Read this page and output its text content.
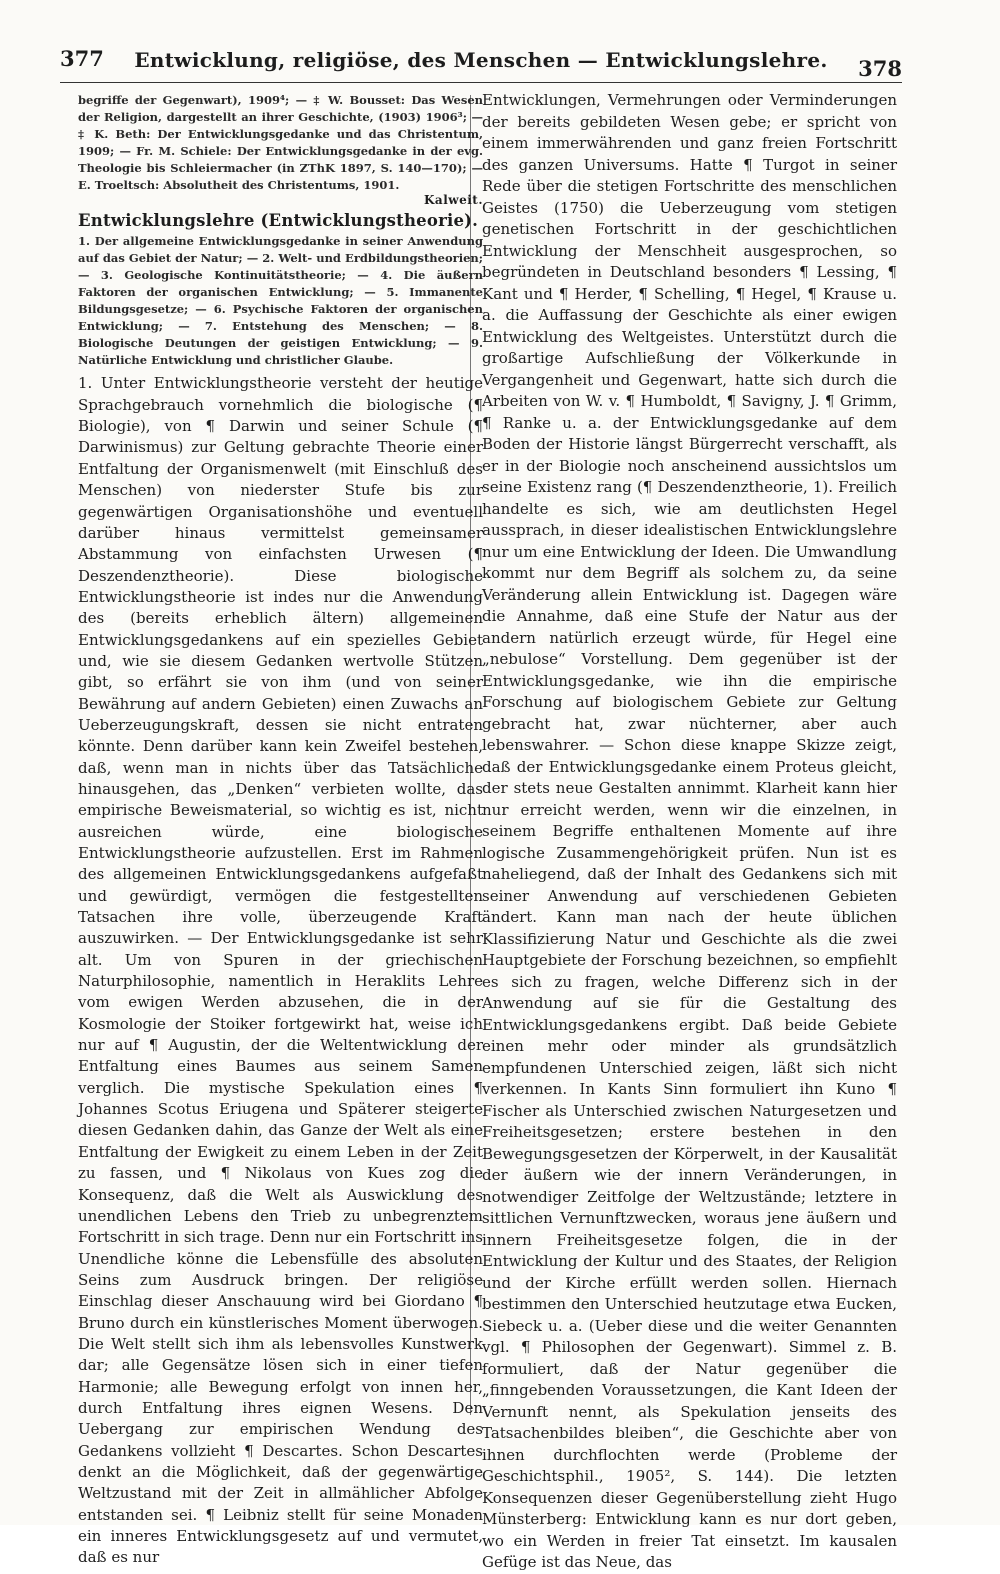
377	Entwicklung, religiöse, des Menschen — Entwicklungslehre.	378

begriffe der Gegenwart), 1909⁴; — ‡ W. Bousset: Das Wesen der Religion, dargestellt an ihrer Geschichte, (1903) 1906³; — ‡ K. Beth: Der Entwicklungsgedanke und das Christentum, 1909; — Fr. M. Schiele: Der Entwicklungsgedanke in der evg. Theologie bis Schleiermacher (in ZThK 1897, S. 140—170); — E. Troeltsch: Absolutheit des Christentums, 1901.

Kalweit.

Entwicklungslehre (Entwicklungstheorie).

1. Der allgemeine Entwicklungsgedanke in seiner Anwendung auf das Gebiet der Natur; — 2. Welt- und Erdbildungstheorien; — 3. Geologische Kontinuitätstheorie; — 4. Die äußern Faktoren der organischen Entwicklung; — 5. Immanente Bildungsgesetze; — 6. Psychische Faktoren der organischen Entwicklung; — 7. Entstehung des Menschen; — 8. Biologische Deutungen der geistigen Entwicklung; — 9. Natürliche Entwicklung und christlicher Glaube.

1. Unter Entwicklungstheorie versteht der heutige Sprachgebrauch vornehmlich die biologische (¶ Biologie), von ¶ Darwin und seiner Schule (¶ Darwinismus) zur Geltung gebrachte Theorie einer Entfaltung der Organismenwelt (mit Einschluß des Menschen) von niederster Stufe bis zur gegenwärtigen Organisationshöhe und eventuell darüber hinaus vermittelst gemeinsamer Abstammung von einfachsten Urwesen (¶ Deszendenztheorie). Diese biologische Entwicklungstheorie ist indes nur die Anwendung des (bereits erheblich ältern) allgemeinen Entwicklungsgedankens auf ein spezielles Gebiet und, wie sie diesem Gedanken wertvolle Stützen gibt, so erfährt sie von ihm (und von seiner Bewährung auf andern Gebieten) einen Zuwachs an Ueberzeugungskraft, dessen sie nicht entraten könnte. Denn darüber kann kein Zweifel bestehen, daß, wenn man in nichts über das Tatsächliche hinausgehen, das „Denken“ verbieten wollte, das empirische Beweismaterial, so wichtig es ist, nicht ausreichen würde, eine biologische Entwicklungstheorie aufzustellen. Erst im Rahmen des allgemeinen Entwicklungsgedankens aufgefaßt und gewürdigt, vermögen die festgestellten Tatsachen ihre volle, überzeugende Kraft auszuwirken. — Der Entwicklungsgedanke ist sehr alt. Um von Spuren in der griechischen Naturphilosophie, namentlich in Heraklits Lehre vom ewigen Werden abzusehen, die in der Kosmologie der Stoiker fortgewirkt hat, weise ich nur auf ¶ Augustin, der die Weltentwicklung der Entfaltung eines Baumes aus seinem Samen verglich. Die mystische Spekulation eines ¶ Johannes Scotus Eriugena und Späterer steigerte diesen Gedanken dahin, das Ganze der Welt als eine Entfaltung der Ewigkeit zu einem Leben in der Zeit zu fassen, und ¶ Nikolaus von Kues zog die Konsequenz, daß die Welt als Auswicklung des unendlichen Lebens den Trieb zu unbegrenztem Fortschritt in sich trage. Denn nur ein Fortschritt ins Unendliche könne die Lebensfülle des absoluten Seins zum Ausdruck bringen. Der religiöse Einschlag dieser Anschauung wird bei Giordano ¶ Bruno durch ein künstlerisches Moment überwogen. Die Welt stellt sich ihm als lebensvolles Kunstwerk dar; alle Gegensätze lösen sich in einer tiefen Harmonie; alle Bewegung erfolgt von innen her, durch Entfaltung ihres eignen Wesens. Den Uebergang zur empirischen Wendung des Gedankens vollzieht ¶ Descartes. Schon Descartes denkt an die Möglichkeit, daß der gegenwärtige Weltzustand mit der Zeit in allmählicher Abfolge entstanden sei. ¶ Leibniz stellt für seine Monaden ein inneres Entwicklungsgesetz auf und vermutet, daß es nur

Entwicklungen, Vermehrungen oder Verminderungen der bereits gebildeten Wesen gebe; er spricht von einem immerwährenden und ganz freien Fortschritt des ganzen Universums. Hatte ¶ Turgot in seiner Rede über die stetigen Fortschritte des menschlichen Geistes (1750) die Ueberzeugung vom stetigen genetischen Fortschritt in der geschichtlichen Entwicklung der Menschheit ausgesprochen, so begründeten in Deutschland besonders ¶ Lessing, ¶ Kant und ¶ Herder, ¶ Schelling, ¶ Hegel, ¶ Krause u. a. die Auffassung der Geschichte als einer ewigen Entwicklung des Weltgeistes. Unterstützt durch die großartige Aufschließung der Völkerkunde in Vergangenheit und Gegenwart, hatte sich durch die Arbeiten von W. v. ¶ Humboldt, ¶ Savigny, J. ¶ Grimm, ¶ Ranke u. a. der Entwicklungsgedanke auf dem Boden der Historie längst Bürgerrecht verschafft, als er in der Biologie noch anscheinend aussichtslos um seine Existenz rang (¶ Deszendenztheorie, 1). Freilich handelte es sich, wie am deutlichsten Hegel aussprach, in dieser idealistischen Entwicklungslehre nur um eine Entwicklung der Ideen. Die Umwandlung kommt nur dem Begriff als solchem zu, da seine Veränderung allein Entwicklung ist. Dagegen wäre die Annahme, daß eine Stufe der Natur aus der andern natürlich erzeugt würde, für Hegel eine „nebulose“ Vorstellung. Dem gegenüber ist der Entwicklungsgedanke, wie ihn die empirische Forschung auf biologischem Gebiete zur Geltung gebracht hat, zwar nüchterner, aber auch lebenswahrer. — Schon diese knappe Skizze zeigt, daß der Entwicklungsgedanke einem Proteus gleicht, der stets neue Gestalten annimmt. Klarheit kann hier nur erreicht werden, wenn wir die einzelnen, in seinem Begriffe enthaltenen Momente auf ihre logische Zusammengehörigkeit prüfen. Nun ist es naheliegend, daß der Inhalt des Gedankens sich mit seiner Anwendung auf verschiedenen Gebieten ändert. Kann man nach der heute üblichen Klassifizierung Natur und Geschichte als die zwei Hauptgebiete der Forschung bezeichnen, so empfiehlt es sich zu fragen, welche Differenz sich in der Anwendung auf sie für die Gestaltung des Entwicklungsgedankens ergibt. Daß beide Gebiete einen mehr oder minder als grundsätzlich empfundenen Unterschied zeigen, läßt sich nicht verkennen. In Kants Sinn formuliert ihn Kuno ¶ Fischer als Unterschied zwischen Naturgesetzen und Freiheitsgesetzen; erstere bestehen in den Bewegungsgesetzen der Körperwelt, in der Kausalität der äußern wie der innern Veränderungen, in notwendiger Zeitfolge der Weltzustände; letztere in sittlichen Vernunftzwecken, woraus jene äußern und innern Freiheitsgesetze folgen, die in der Entwicklung der Kultur und des Staates, der Religion und der Kirche erfüllt werden sollen. Hiernach bestimmen den Unterschied heutzutage etwa Eucken, Siebeck u. a. (Ueber diese und die weiter Genannten vgl. ¶ Philosophen der Gegenwart). Simmel z. B. formuliert, daß der Natur gegenüber die „finngebenden Voraussetzungen, die Kant Ideen der Vernunft nennt, als Spekulation jenseits des Tatsachenbildes bleiben“, die Geschichte aber von ihnen durchflochten werde (Probleme der Geschichtsphil., 1905², S. 144). Die letzten Konsequenzen dieser Gegenüberstellung zieht Hugo Münsterberg: Entwicklung kann es nur dort geben, wo ein Werden in freier Tat einsetzt. Im kausalen Gefüge ist das Neue, das
